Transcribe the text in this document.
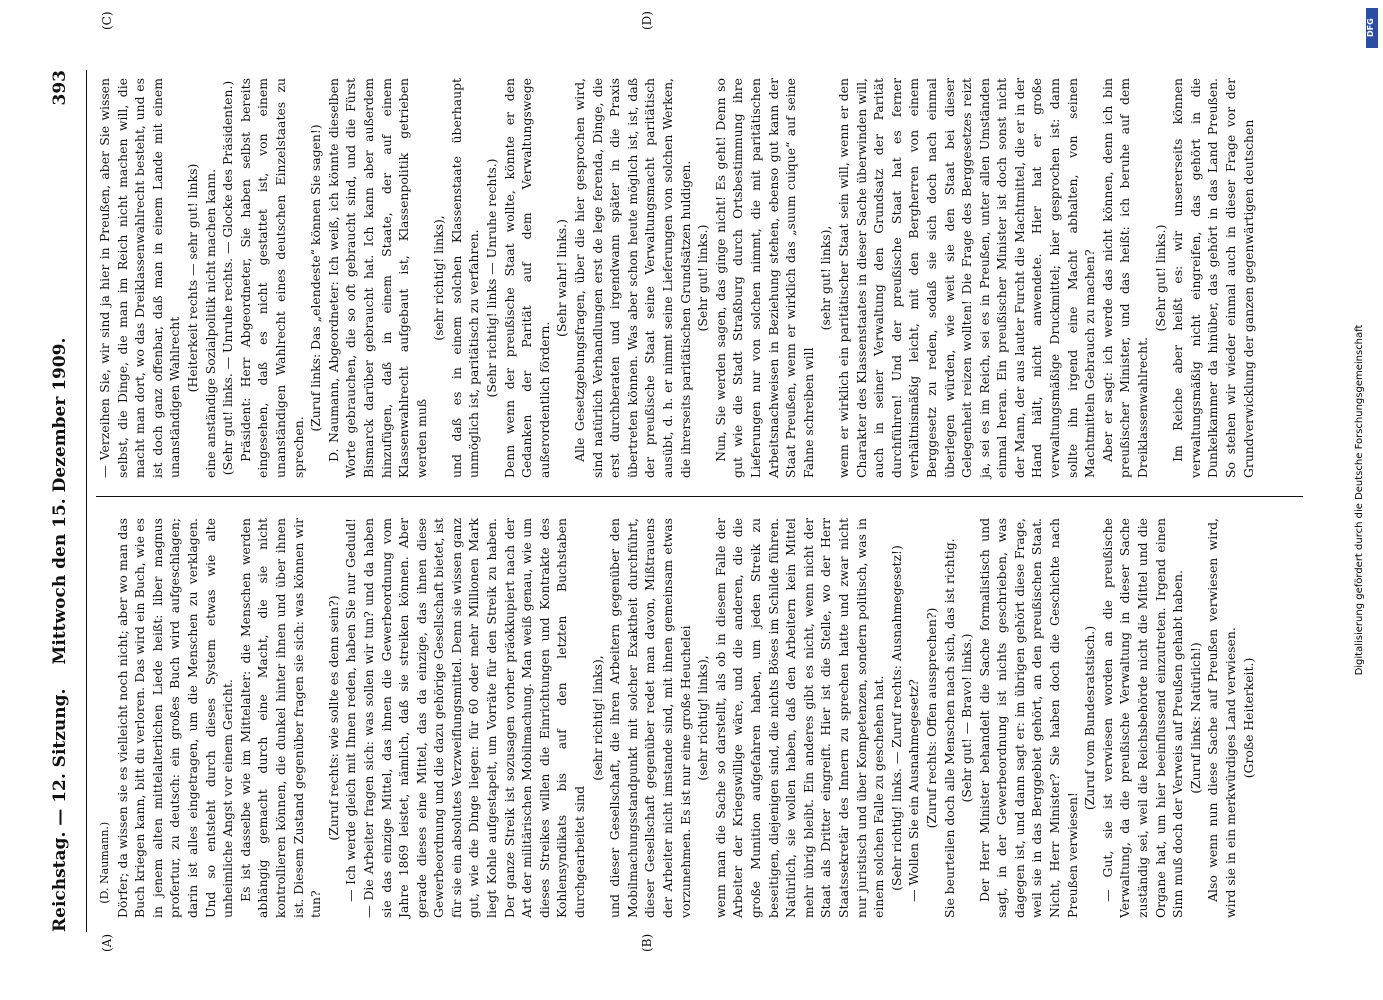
Reichstag. — 12. Sitzung.
Mittwoch den 15. Dezember 1909.
393
(A)	(B)
(C)	(D)

(D. Naumann.) Dörfer; da wissen sie es vielleicht noch nicht; aber wo man das Buch kriegen kann, bitt du verloren. Das wird ein Buch, wie es in jenem alten mittelalterlichen Liede heißt: liber magnus profertur, zu deutsch: ein großes Buch wird aufgeschlagen; darin ist alles eingetragen, um die Menschen zu verklagen. Und so entsteht durch dieses System etwas wie alte unheimliche Angst vor einem Gericht. Es ist dasselbe wie im Mittelalter: die Menschen werden abhängig gemacht durch eine Macht, die sie nicht kontrollieren können, die dunkel hinter ihnen und über ihnen ist. Diesem Zustand gegenüber fragen sie sich: was können wir tun?

(Zuruf rechts: wie sollte es denn sein?) — Ich werde gleich mit Ihnen reden, haben Sie nur Geduld! — Die Arbeiter fragen sich: was sollen wir tun? und da haben sie das einzige Mittel, das ihnen die Gewerbeordnung vom Jahre 1869 leistet, nämlich, daß sie streiken können. Aber gerade dieses eine Mittel, das da einzige, das ihnen diese Gewerbeordnung und die dazu gehörige Gesellschaft bietet, ist für sie ein absolutes Verzweiflungsmittel. Denn sie wissen ganz gut, wie die Dinge liegen: für 60 oder mehr Millionen Mark liegt Kohle aufgestapelt, um Vorräte für den Streik zu haben. Der ganze Streik ist sozusagen vorher präokkupiert nach der Art der militärischen Mobilmachung. Man weiß genau, wie um dieses Streikes willen die Einrichtungen und Kontrakte des Kohlensyndikats bis auf den letzten Buchstaben durchgearbeitet sind

(sehr richtig! links), und dieser Gesellschaft, die ihren Arbeitern gegenüber den Mobilmachungsstandpunkt mit solcher Exaktheit durchführt, dieser Gesellschaft gegenüber redet man davon, Mißtrauens der Arbeiter nicht imstande sind, mit ihnen gemeinsam etwas vorzunehmen. Es ist nur eine große Heuchelei (sehr richtig! links), wenn man die Sache so darstellt, als ob in diesem Falle der Arbeiter der Kriegswillige wäre, und die anderen, die die große Munition aufgefahren haben, um jeden Streik zu beseitigen, diejenigen sind, die nichts Böses im Schilde führen. Natürlich, sie wollen haben, daß den Arbeitern kein Mittel mehr übrig bleibt. Ein anderes gibt es nicht, wenn nicht der Staat als Dritter eingreift. Hier ist die Stelle, wo der Herr Staatssekretär des Innern zu sprechen hatte und zwar nicht nur juristisch und über Kompetenzen, sondern politisch, was in einem solchen Falle zu geschehen hat. (Sehr richtig! links. — Zuruf rechts: Ausnahmegesetz!) — Wollen Sie ein Ausnahmegesetz? (Zuruf rechts: Offen aussprechen?) Sie beurteilen doch alle Menschen nach sich, das ist richtig. (Sehr gut! — Bravo! links.) Der Herr Minister behandelt die Sache formalistisch und sagt, in der Gewerbeordnung ist nichts geschrieben, was dagegen ist, und dann sagt er: im übrigen gehört diese Frage, weil sie in das Berggebiet gehört, an den preußischen Staat. Nicht, Herr Minister? Sie haben doch die Geschichte nach Preußen verwiesen!

(Zuruf vom Bundesratstisch.) — Gut, sie ist verwiesen worden an die preußische Verwaltung, da die preußische Verwaltung in dieser Sache zuständig sei, weil die Reichsbehörde nicht die Mittel und die Organe hat, um hier beeinflussend einzutreten. Irgend einen Sinn muß doch der Verweis auf Preußen gehabt haben. (Zuruf links: Natürlich!) Also wenn nun diese Sache auf Preußen verwiesen wird, wird sie in ein merkwürdiges Land verwiesen. (Große Heiterkeit.)

— Verzeihen Sie, wir sind ja hier in Preußen, aber Sie wissen selbst, die Dinge, die man im Reich nicht machen will, die macht man dort, wo das Dreiklassenwahlrecht besteht, und es ist doch ganz offenbar, daß man in einem Lande mit einem unanständigen Wahlrecht

(Heiterkeit rechts — sehr gut! links) eine anständige Sozialpolitik nicht machen kann. (Sehr gut! links. — Unruhe rechts. — Glocke des Präsidenten.) Präsident: Herr Abgeordneter, Sie haben selbst bereits eingesehen, daß es nicht gestattet ist, von einem unanständigen Wahlrecht eines deutschen Einzelstaates zu sprechen.

(Zuruf links: Das „elendeste“ können Sie sagen!) D. Naumann, Abgeordneter: Ich weiß, ich könnte dieselben Worte gebrauchen, die so oft gebraucht sind, und die Fürst Bismarck darüber gebraucht hat. Ich kann aber außerdem hinzufügen, daß in einem Staate, der auf einem Klassenwahlrecht aufgebaut ist, Klassenpolitik getrieben werden muß

(sehr richtig! links), und daß es in einem solchen Klassenstaate überhaupt unmöglich ist, paritätisch zu verfahren. (Sehr richtig! links — Unruhe rechts.) Denn wenn der preußische Staat wollte, könnte er den Gedanken der Parität auf dem Verwaltungswege außerordentlich fördern.

(Sehr wahr! links.) Alle Gesetzgebungsfragen, über die hier gesprochen wird, sind natürlich Verhandlungen erst de lege ferenda, Dinge, die erst durchberaten und irgendwann später in die Praxis übertreten können. Was aber schon heute möglich ist, ist, daß der preußische Staat seine Verwaltungsmacht paritätisch ausübt, d. h. er nimmt seine Lieferungen von solchen Werken, die ihrerseits paritätischen Grundsätzen huldigen. (Sehr gut! links.) Nun, Sie werden sagen, das ginge nicht! Es geht! Denn so gut wie die Stadt Straßburg durch Ortsbestimmung ihre Lieferungen nur von solchen nimmt, die mit paritätischen Arbeitsnachweisen in Beziehung stehen, ebenso gut kann der Staat Preußen, wenn er wirklich das „suum cuique“ auf seine Fahne schreiben will

(sehr gut! links), wenn er wirklich ein paritätischer Staat sein will, wenn er den Charakter des Klassenstaates in dieser Sache überwinden will, auch in seiner Verwaltung den Grundsatz der Parität durchführen! Und der preußische Staat hat es ferner verhältnismäßig leicht, mit den Bergherren von einem Berggesetz zu reden, sodaß sie sich doch nach einmal überlegen würden, wie weit sie den Staat bei dieser Gelegenheit reizen wollten! Die Frage des Berggesetzes reizt ja, sei es im Reich, sei es in Preußen, unter allen Umständen einmal heran. Ein preußischer Minister ist doch sonst nicht der Mann, der aus lauter Furcht die Machtmittel, die er in der Hand hält, nicht anwendete. Hier hat er große verwaltungsmäßige Druckmittel; hier gesprochen ist: dann sollte ihn irgend eine Macht abhalten, von seinen Machtmitteln Gebrauch zu machen? Aber er sagt: ich werde das nicht können, denn ich bin preußischer Minister, und das heißt: ich beruhe auf dem Dreiklassenwahlrecht.

(Sehr gut! links.) Im Reiche aber heißt es: wir unsererseits können verwaltungsmäßig nicht eingreifen, das gehört in die Dunkelkammer da hinüber, das gehört in das Land Preußen. So stehen wir wieder einmal auch in dieser Frage vor der Grundverwicklung der ganzen gegenwärtigen deutschen

DFG
Digitalisierung gefördert durch die Deutsche Forschungsgemeinschaft
